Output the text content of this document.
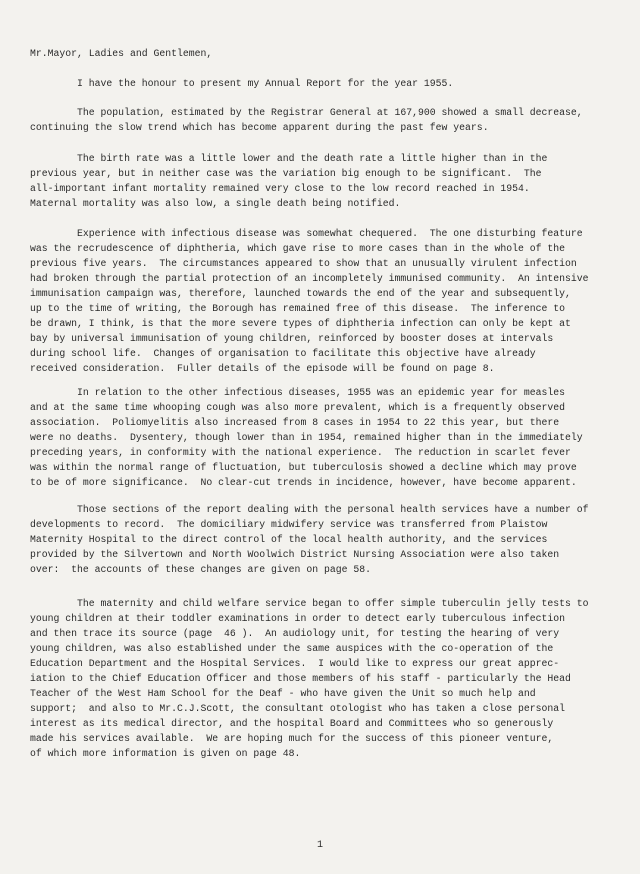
Mr.Mayor, Ladies and Gentlemen,

I have the honour to present my Annual Report for the year 1955.

The population, estimated by the Registrar General at 167,900 showed a small decrease,
continuing the slow trend which has become apparent during the past few years.

The birth rate was a little lower and the death rate a little higher than in the
previous year, but in neither case was the variation big enough to be significant.  The
all-important infant mortality remained very close to the low record reached in 1954.
Maternal mortality was also low, a single death being notified.

Experience with infectious disease was somewhat chequered.  The one disturbing feature
was the recrudescence of diphtheria, which gave rise to more cases than in the whole of the
previous five years.  The circumstances appeared to show that an unusually virulent infection
had broken through the partial protection of an incompletely immunised community.  An intensive
immunisation campaign was, therefore, launched towards the end of the year and subsequently,
up to the time of writing, the Borough has remained free of this disease.  The inference to
be drawn, I think, is that the more severe types of diphtheria infection can only be kept at
bay by universal immunisation of young children, reinforced by booster doses at intervals
during school life.  Changes of organisation to facilitate this objective have already
received consideration.  Fuller details of the episode will be found on page 8.

In relation to the other infectious diseases, 1955 was an epidemic year for measles
and at the same time whooping cough was also more prevalent, which is a frequently observed
association.  Poliomyelitis also increased from 8 cases in 1954 to 22 this year, but there
were no deaths.  Dysentery, though lower than in 1954, remained higher than in the immediately
preceding years, in conformity with the national experience.  The reduction in scarlet fever
was within the normal range of fluctuation, but tuberculosis showed a decline which may prove
to be of more significance.  No clear-cut trends in incidence, however, have become apparent.

Those sections of the report dealing with the personal health services have a number of
developments to record.  The domiciliary midwifery service was transferred from Plaistow
Maternity Hospital to the direct control of the local health authority, and the services
provided by the Silvertown and North Woolwich District Nursing Association were also taken
over:  the accounts of these changes are given on page 58.

The maternity and child welfare service began to offer simple tuberculin jelly tests to
young children at their toddler examinations in order to detect early tuberculous infection
and then trace its source (page  46 ).  An audiology unit, for testing the hearing of very
young children, was also established under the same auspices with the co-operation of the
Education Department and the Hospital Services.  I would like to express our great apprec-
iation to the Chief Education Officer and those members of his staff - particularly the Head
Teacher of the West Ham School for the Deaf - who have given the Unit so much help and
support;  and also to Mr.C.J.Scott, the consultant otologist who has taken a close personal
interest as its medical director, and the hospital Board and Committees who so generously
made his services available.  We are hoping much for the success of this pioneer venture,
of which more information is given on page 48.

1
